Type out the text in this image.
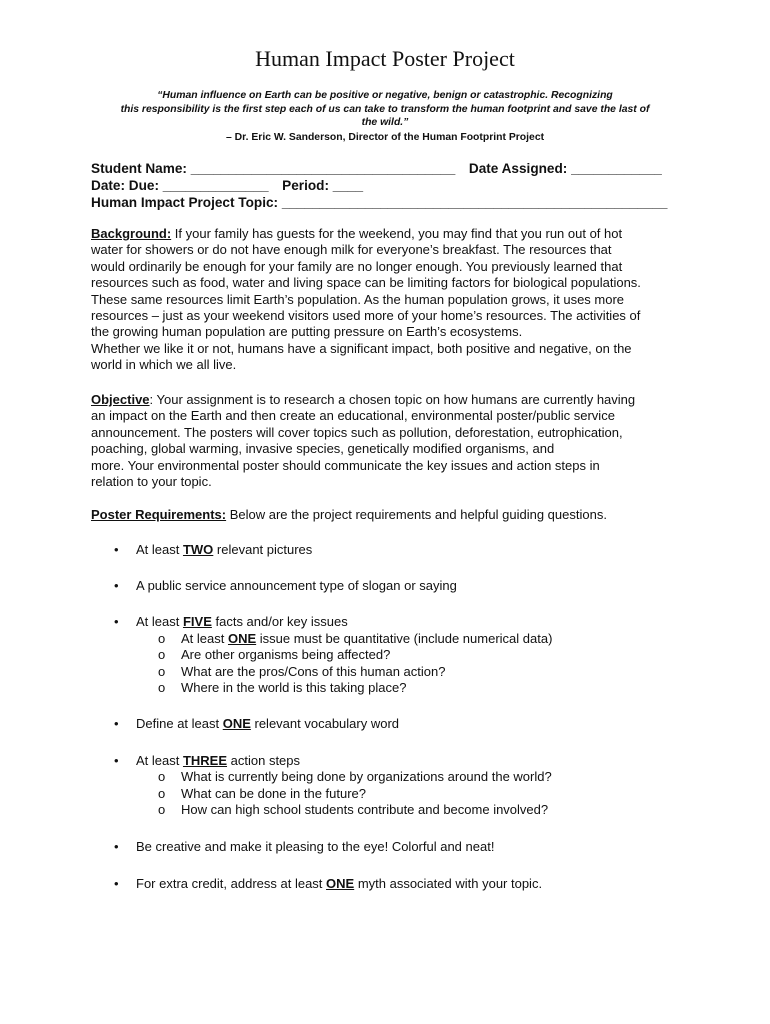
Human Impact Poster Project
“Human influence on Earth can be positive or negative, benign or catastrophic. Recognizing
this responsibility is the first step each of us can take to transform the human footprint and save the last of
the wild.”
– Dr. Eric W. Sanderson, Director of the Human Footprint Project
Student Name: ___________________________________ Date Assigned: ____________
Date: Due: ______________ Period: ____
Human Impact Project Topic: ___________________________________________________
Background: If your family has guests for the weekend, you may find that you run out of hot
water for showers or do not have enough milk for everyone’s breakfast. The resources that
would ordinarily be enough for your family are no longer enough. You previously learned that
resources such as food, water and living space can be limiting factors for biological populations.
These same resources limit Earth’s population. As the human population grows, it uses more
resources – just as your weekend visitors used more of your home’s resources. The activities of
the growing human population are putting pressure on Earth’s ecosystems.
Whether we like it or not, humans have a significant impact, both positive and negative, on the
world in which we all live.
Objective: Your assignment is to research a chosen topic on how humans are currently having
an impact on the Earth and then create an educational, environmental poster/public service
announcement. The posters will cover topics such as pollution, deforestation, eutrophication,
poaching, global warming, invasive species, genetically modified organisms, and
more. Your environmental poster should communicate the key issues and action steps in
relation to your topic.
Poster Requirements: Below are the project requirements and helpful guiding questions.
• At least TWO relevant pictures
• A public service announcement type of slogan or saying
• At least FIVE facts and/or key issues
o At least ONE issue must be quantitative (include numerical data)
o Are other organisms being affected?
o What are the pros/Cons of this human action?
o Where in the world is this taking place?
• Define at least ONE relevant vocabulary word
• At least THREE action steps
o What is currently being done by organizations around the world?
o What can be done in the future?
o How can high school students contribute and become involved?
• Be creative and make it pleasing to the eye! Colorful and neat!
• For extra credit, address at least ONE myth associated with your topic.
